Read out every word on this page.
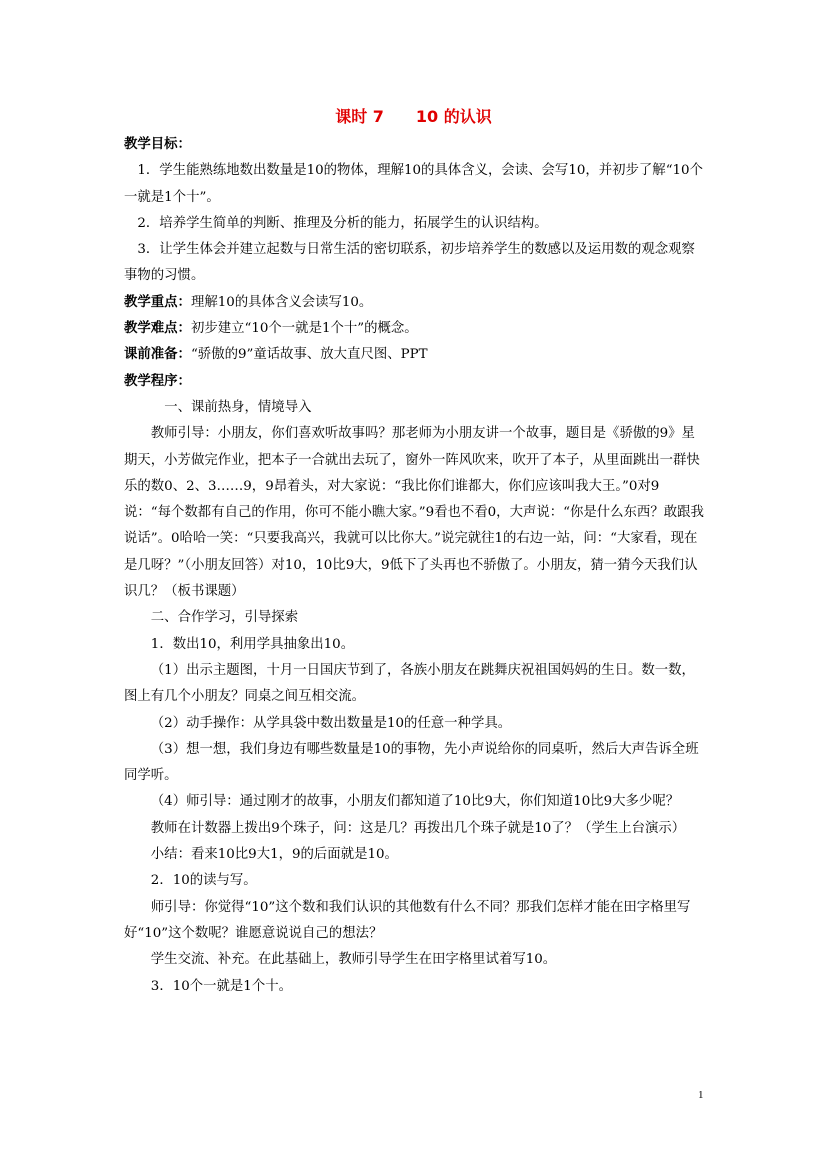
课时 7　　10 的认识

教学目标：

1．学生能熟练地数出数量是10的物体，理解10的具体含义，会读、会写10，并初步了解“10个一就是1个十”。

2．培养学生简单的判断、推理及分析的能力，拓展学生的认识结构。

3．让学生体会并建立起数与日常生活的密切联系，初步培养学生的数感以及运用数的观念观察事物的习惯。

教学重点：理解10的具体含义会读写10。

教学难点：初步建立“10个一就是1个十”的概念。

课前准备：“骄傲的9”童话故事、放大直尺图、PPT

教学程序：

一、课前热身，情境导入

教师引导：小朋友，你们喜欢听故事吗？那老师为小朋友讲一个故事，题目是《骄傲的9》星期天，小芳做完作业，把本子一合就出去玩了，窗外一阵风吹来，吹开了本子，从里面跳出一群快乐的数0、2、3……9，9昂着头，对大家说：“我比你们谁都大，你们应该叫我大王。”0对9说：“每个数都有自己的作用，你可不能小瞧大家。”9看也不看0，大声说：“你是什么东西？敢跟我说话”。0哈哈一笑：“只要我高兴，我就可以比你大。”说完就往1的右边一站，问：“大家看，现在是几呀？”（小朋友回答）对10，10比9大，9低下了头再也不骄傲了。小朋友，猜一猜今天我们认识几？（板书课题）

二、合作学习，引导探索

1．数出10，利用学具抽象出10。

（1）出示主题图，十月一日国庆节到了，各族小朋友在跳舞庆祝祖国妈妈的生日。数一数，图上有几个小朋友？同桌之间互相交流。

（2）动手操作：从学具袋中数出数量是10的任意一种学具。

（3）想一想，我们身边有哪些数量是10的事物，先小声说给你的同桌听，然后大声告诉全班同学听。

（4）师引导：通过刚才的故事，小朋友们都知道了10比9大，你们知道10比9大多少呢？

教师在计数器上拨出9个珠子，问：这是几？再拨出几个珠子就是10了？（学生上台演示）

小结：看来10比9大1，9的后面就是10。

2．10的读与写。

师引导：你觉得“10”这个数和我们认识的其他数有什么不同？那我们怎样才能在田字格里写好“10”这个数呢？谁愿意说说自己的想法？

学生交流、补充。在此基础上，教师引导学生在田字格里试着写10。

3．10个一就是1个十。

1
